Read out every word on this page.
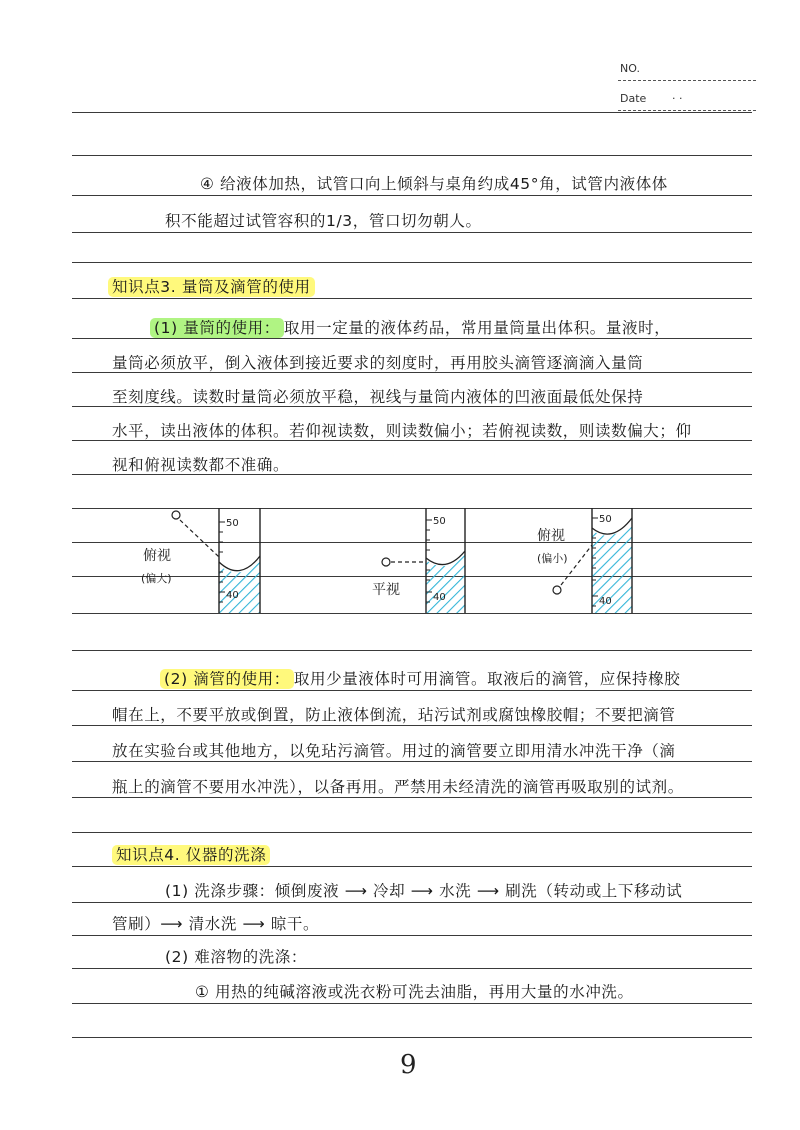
NO.
Date · ·
④ 给液体加热，试管口向上倾斜与桌角约成45°角，试管内液体体
积不能超过试管容积的1/3，管口切勿朝人。
知识点3. 量筒及滴管的使用
(1) 量筒的使用： 取用一定量的液体药品，常用量筒量出体积。量液时，
量筒必须放平，倒入液体到接近要求的刻度时，再用胶头滴管逐滴滴入量筒
至刻度线。读数时量筒必须放平稳，视线与量筒内液体的凹液面最低处保持
水平，读出液体的体积。若仰视读数，则读数偏小；若俯视读数，则读数偏大；仰
视和俯视读数都不准确。
50
40
俯视
(偏大)
50
40
平视
50
40
俯视
(偏小)
(2) 滴管的使用： 取用少量液体时可用滴管。取液后的滴管，应保持橡胶
帽在上，不要平放或倒置，防止液体倒流，玷污试剂或腐蚀橡胶帽；不要把滴管
放在实验台或其他地方，以免玷污滴管。用过的滴管要立即用清水冲洗干净（滴
瓶上的滴管不要用水冲洗），以备再用。严禁用未经清洗的滴管再吸取别的试剂。
知识点4. 仪器的洗涤
(1) 洗涤步骤：倾倒废液 ⟶ 冷却 ⟶ 水洗 ⟶ 刷洗（转动或上下移动试
管刷）⟶ 清水洗 ⟶ 晾干。
(2) 难溶物的洗涤：
① 用热的纯碱溶液或洗衣粉可洗去油脂，再用大量的水冲洗。
9
